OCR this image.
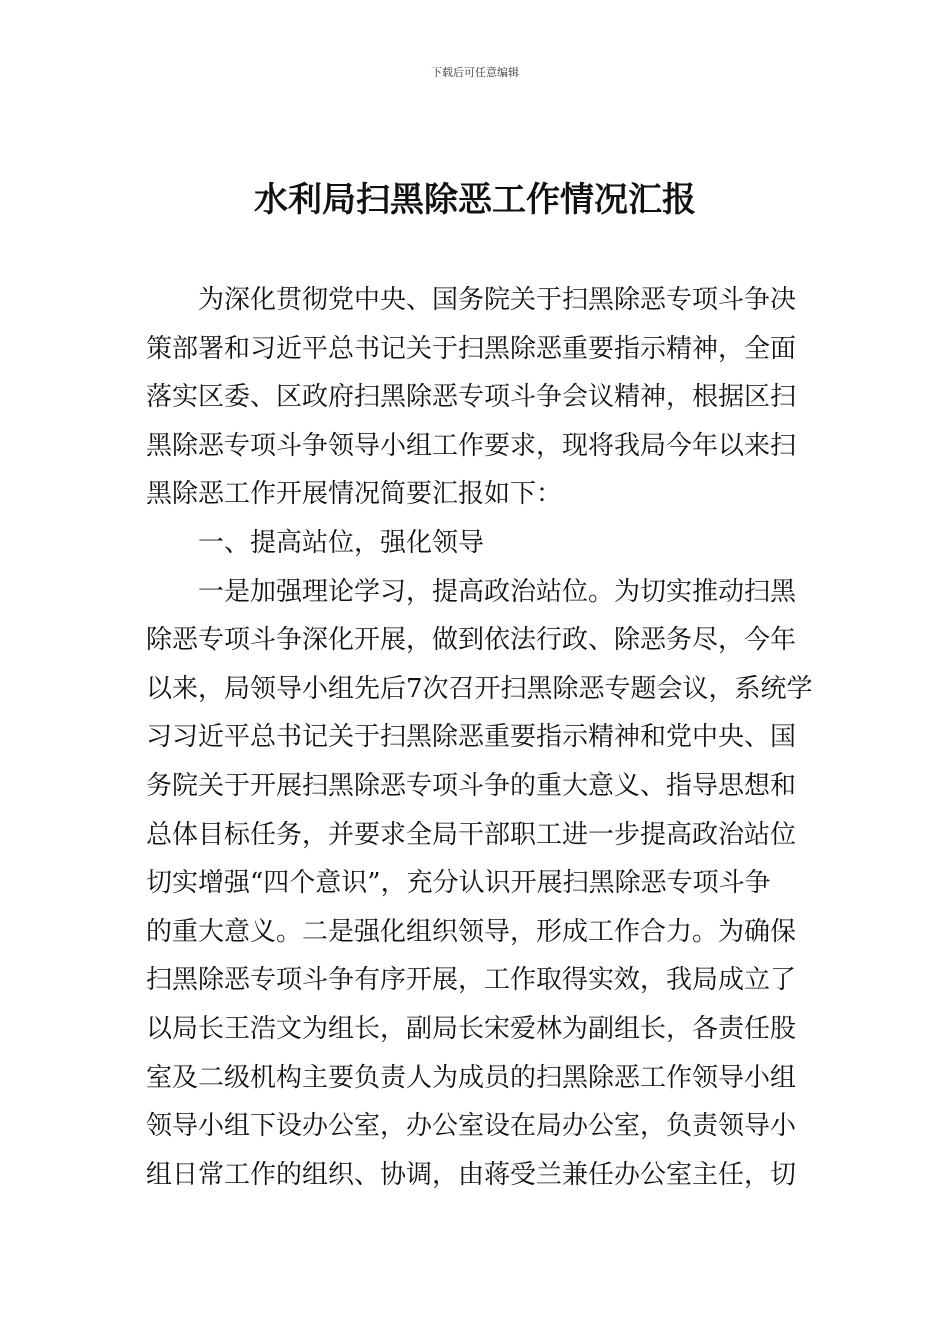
下载后可任意编辑
水利局扫黑除恶工作情况汇报
为深化贯彻党中央、国务院关于扫黑除恶专项斗争决
策部署和习近平总书记关于扫黑除恶重要指示精神，全面
落实区委、区政府扫黑除恶专项斗争会议精神，根据区扫
黑除恶专项斗争领导小组工作要求，现将我局今年以来扫
黑除恶工作开展情况简要汇报如下：
一、提高站位，强化领导
一是加强理论学习，提高政治站位。为切实推动扫黑
除恶专项斗争深化开展，做到依法行政、除恶务尽，今年
以来，局领导小组先后7次召开扫黑除恶专题会议，系统学
习习近平总书记关于扫黑除恶重要指示精神和党中央、国
务院关于开展扫黑除恶专项斗争的重大意义、指导思想和
总体目标任务，并要求全局干部职工进一步提高政治站位
切实增强“四个意识”，充分认识开展扫黑除恶专项斗争
的重大意义。二是强化组织领导，形成工作合力。为确保
扫黑除恶专项斗争有序开展，工作取得实效，我局成立了
以局长王浩文为组长，副局长宋爱林为副组长，各责任股
室及二级机构主要负责人为成员的扫黑除恶工作领导小组
领导小组下设办公室，办公室设在局办公室，负责领导小
组日常工作的组织、协调，由蒋受兰兼任办公室主任，切
